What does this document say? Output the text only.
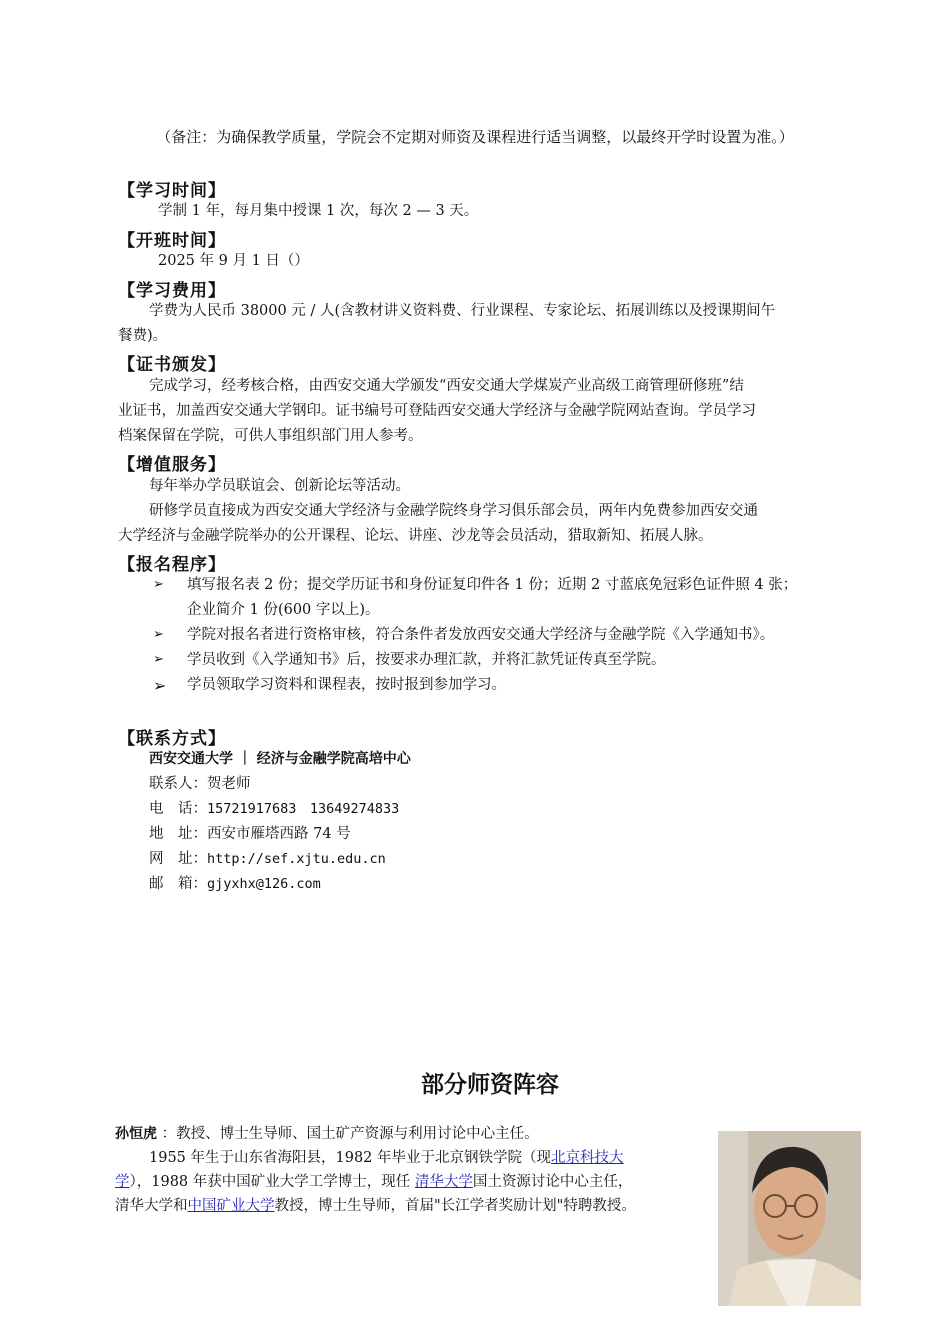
（备注：为确保教学质量，学院会不定期对师资及课程进行适当调整，以最终开学时设置为准。）
【学习时间】
学制 1 年，每月集中授课 1 次，每次 2 — 3 天。
【开班时间】
2025 年 9 月 1 日（）
【学习费用】
学费为人民币 38000 元 / 人(含教材讲义资料费、行业课程、专家论坛、拓展训练以及授课期间午
餐费)。
【证书颁发】
完成学习，经考核合格，由西安交通大学颁发“西安交通大学煤炭产业高级工商管理研修班”结
业证书，加盖西安交通大学钢印。证书编号可登陆西安交通大学经济与金融学院网站查询。学员学习
档案保留在学院，可供人事组织部门用人参考。
【增值服务】
每年举办学员联谊会、创新论坛等活动。
研修学员直接成为西安交通大学经济与金融学院终身学习俱乐部会员，两年内免费参加西安交通
大学经济与金融学院举办的公开课程、论坛、讲座、沙龙等会员活动，猎取新知、拓展人脉。
【报名程序】
➢ 填写报名表 2 份；提交学历证书和身份证复印件各 1 份；近期 2 寸蓝底免冠彩色证件照 4 张；
企业简介 1 份(600 字以上)。
➢ 学院对报名者进行资格审核，符合条件者发放西安交通大学经济与金融学院《入学通知书》。
➢ 学员收到《入学通知书》后，按要求办理汇款，并将汇款凭证传真至学院。
➢ 学员领取学习资料和课程表，按时报到参加学习。
【联系方式】
西安交通大学 ｜ 经济与金融学院高培中心
联系人：贺老师
电　话：15721917683　13649274833
地　址：西安市雁塔西路 74 号
网　址：http://sef.xjtu.edu.cn
邮　箱：gjyxhx@126.com
部分师资阵容
孙恒虎 ：教授、博士生导师、国土矿产资源与利用讨论中心主任。
1955 年生于山东省海阳县，1982 年毕业于北京钢铁学院（现北京科技大
学），1988 年获中国矿业大学工学博士，现任 清华大学国土资源讨论中心主任，
清华大学和中国矿业大学教授，博士生导师，首届"长江学者奖励计划"特聘教授。
